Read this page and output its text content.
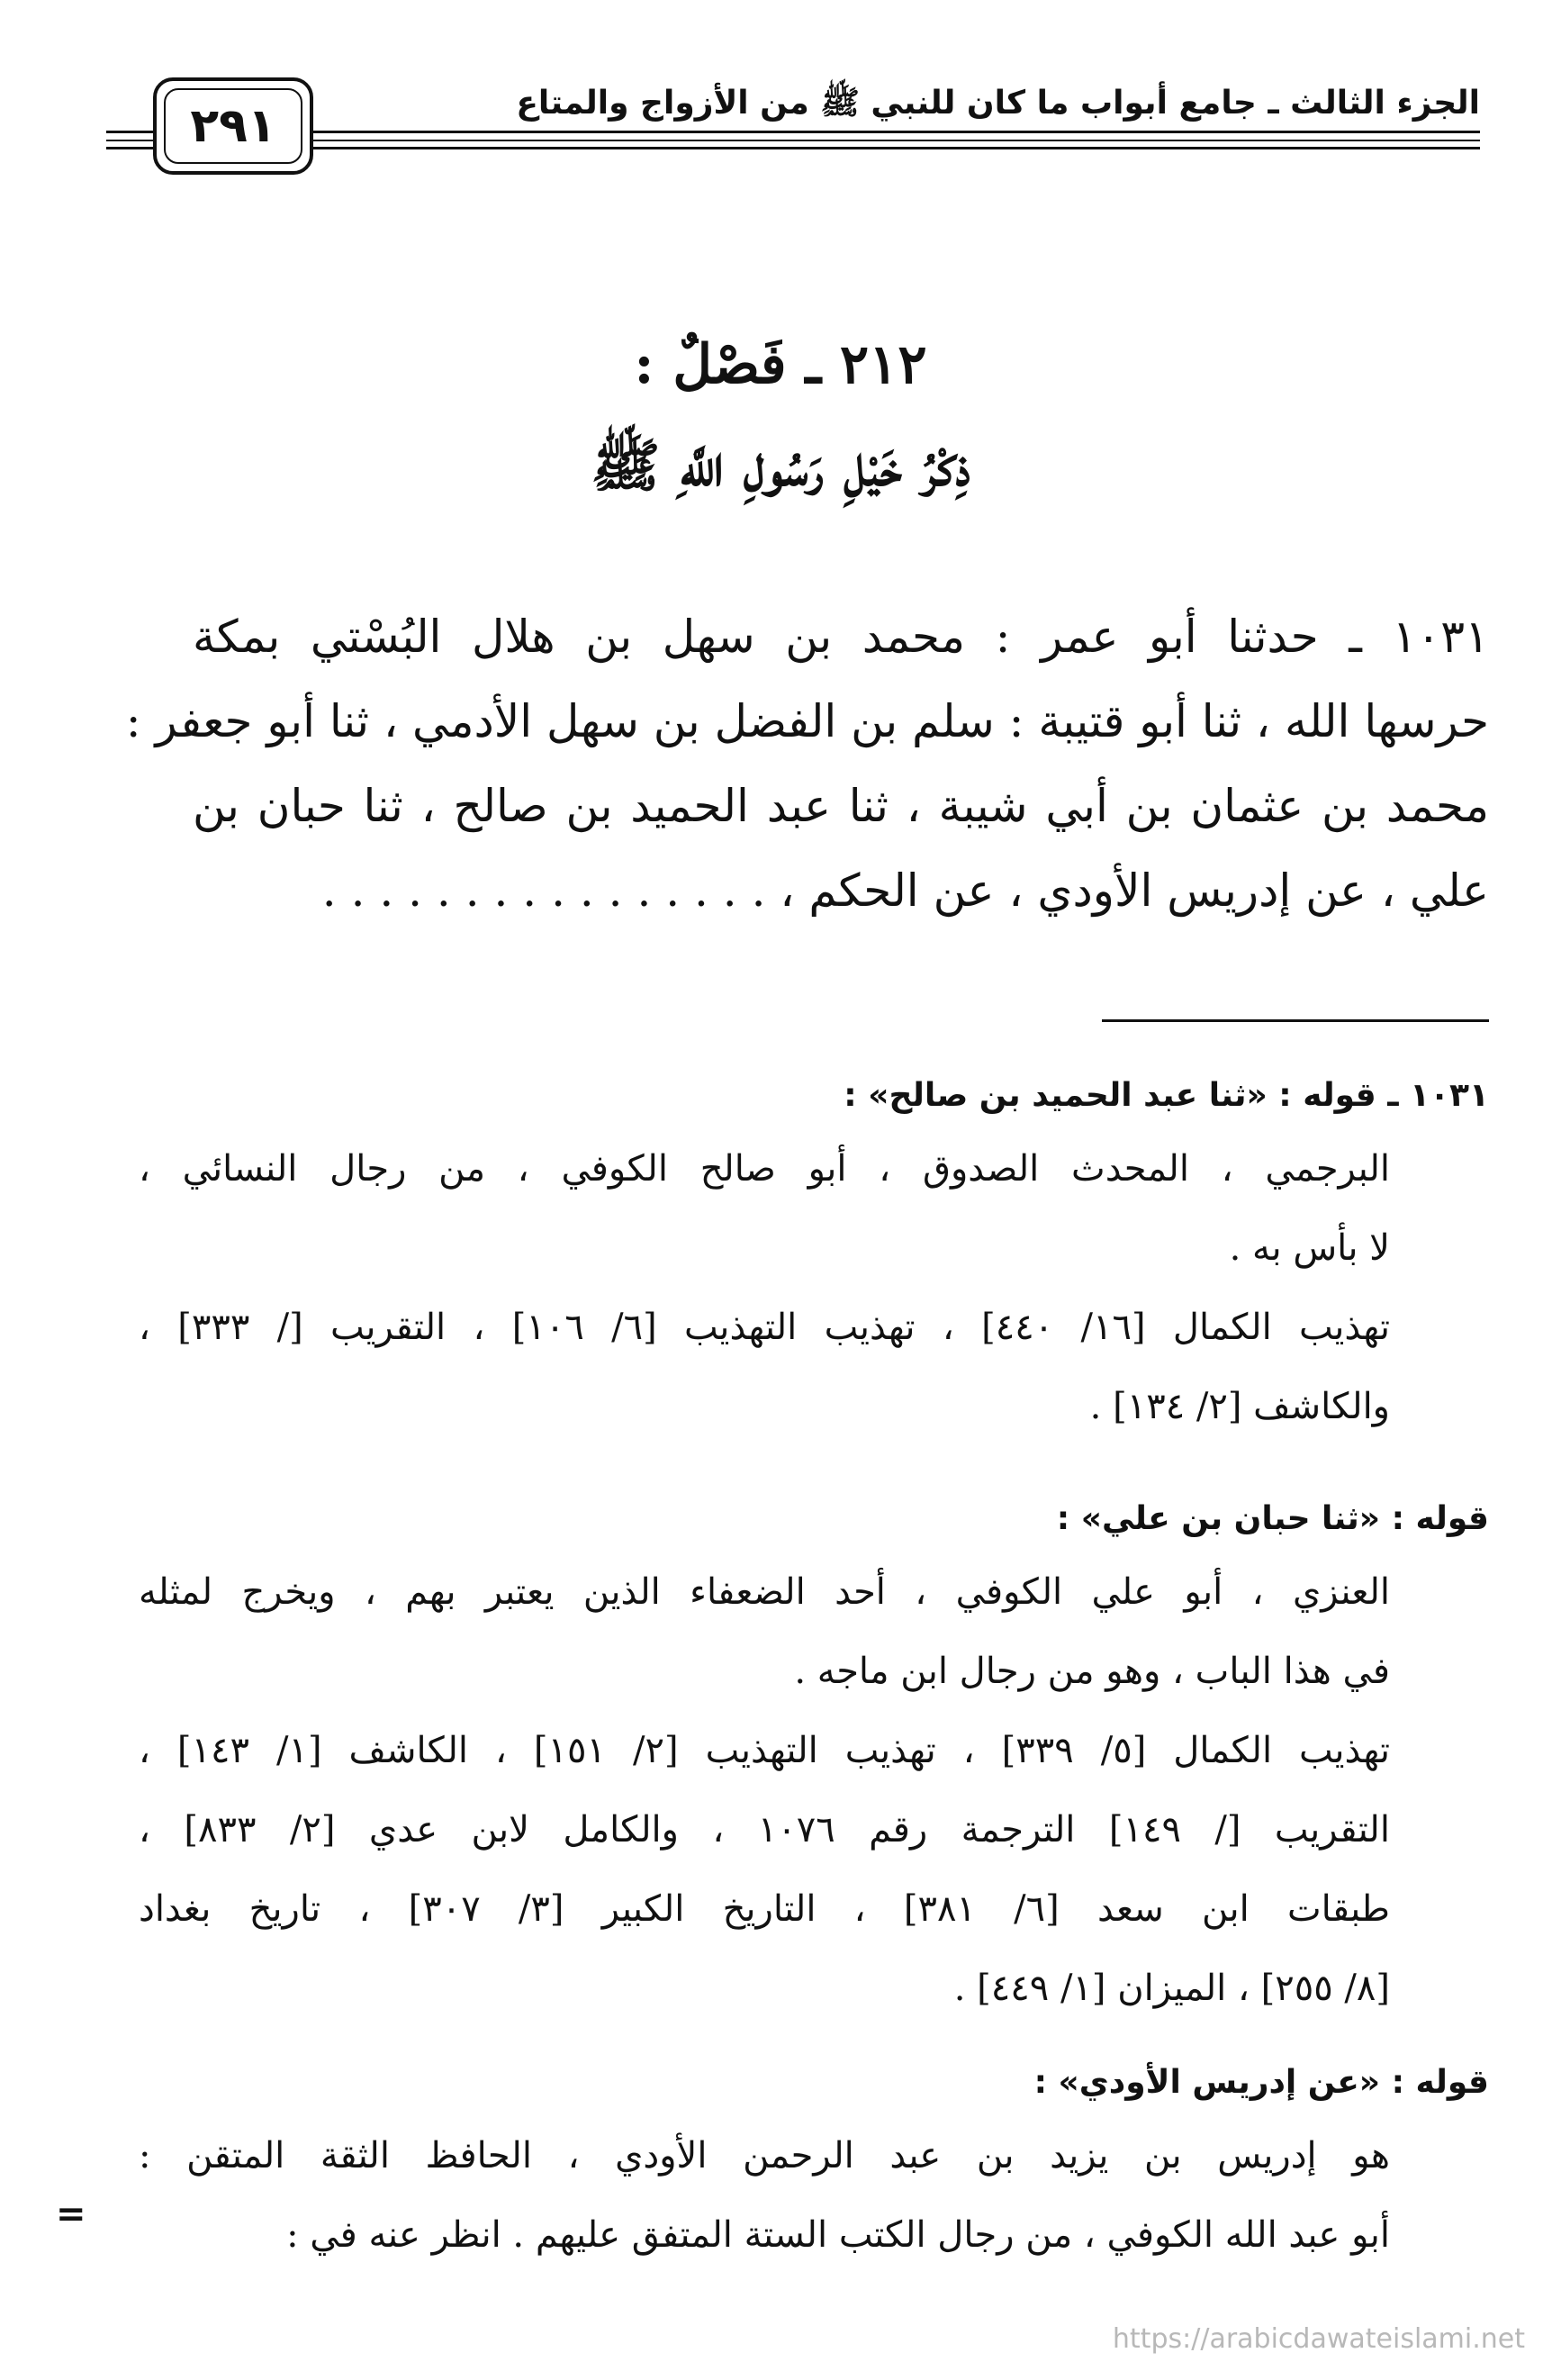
الجزء الثالث ـ جامع أبواب ما كان للنبي ﷺ من الأزواج والمتاع
٢٩١
٢١٢ ـ فَصْلٌ :
ذِكْرُ خَيْلِ رَسُولِ اللَّهِ ﷺ
١٠٣١ ـ حدثنا أبو عمر : محمد بن سهل بن هلال البُسْتي بمكة
حرسها الله ، ثنا أبو قتيبة : سلم بن الفضل بن سهل الأدمي ، ثنا أبو جعفر :
محمد بن عثمان بن أبي شيبة ، ثنا عبد الحميد بن صالح ، ثنا حبان بن
علي ، عن إدريس الأودي ، عن الحكم ، . . . . . . . . . . . . . . . .
١٠٣١ ـ قوله : «ثنا عبد الحميد بن صالح» :
البرجمي ، المحدث الصدوق ، أبو صالح الكوفي ، من رجال النسائي ،
لا بأس به .
تهذيب الكمال [١٦/ ٤٤٠] ، تهذيب التهذيب [٦/ ١٠٦] ، التقريب [/ ٣٣٣] ،
والكاشف [٢/ ١٣٤] .
قوله : «ثنا حبان بن علي» :
العنزي ، أبو علي الكوفي ، أحد الضعفاء الذين يعتبر بهم ، ويخرج لمثله
في هذا الباب ، وهو من رجال ابن ماجه .
تهذيب الكمال [٥/ ٣٣٩] ، تهذيب التهذيب [٢/ ١٥١] ، الكاشف [١/ ١٤٣] ،
التقريب [/ ١٤٩] الترجمة رقم ١٠٧٦ ، والكامل لابن عدي [٢/ ٨٣٣] ،
طبقات ابن سعد [٦/ ٣٨١] ، التاريخ الكبير [٣/ ٣٠٧] ، تاريخ بغداد
[٨/ ٢٥٥] ، الميزان [١/ ٤٤٩] .
قوله : «عن إدريس الأودي» :
هو إدريس بن يزيد بن عبد الرحمن الأودي ، الحافظ الثقة المتقن :
أبو عبد الله الكوفي ، من رجال الكتب الستة المتفق عليهم . انظر عنه في :
=
https://arabicdawateislami.net
